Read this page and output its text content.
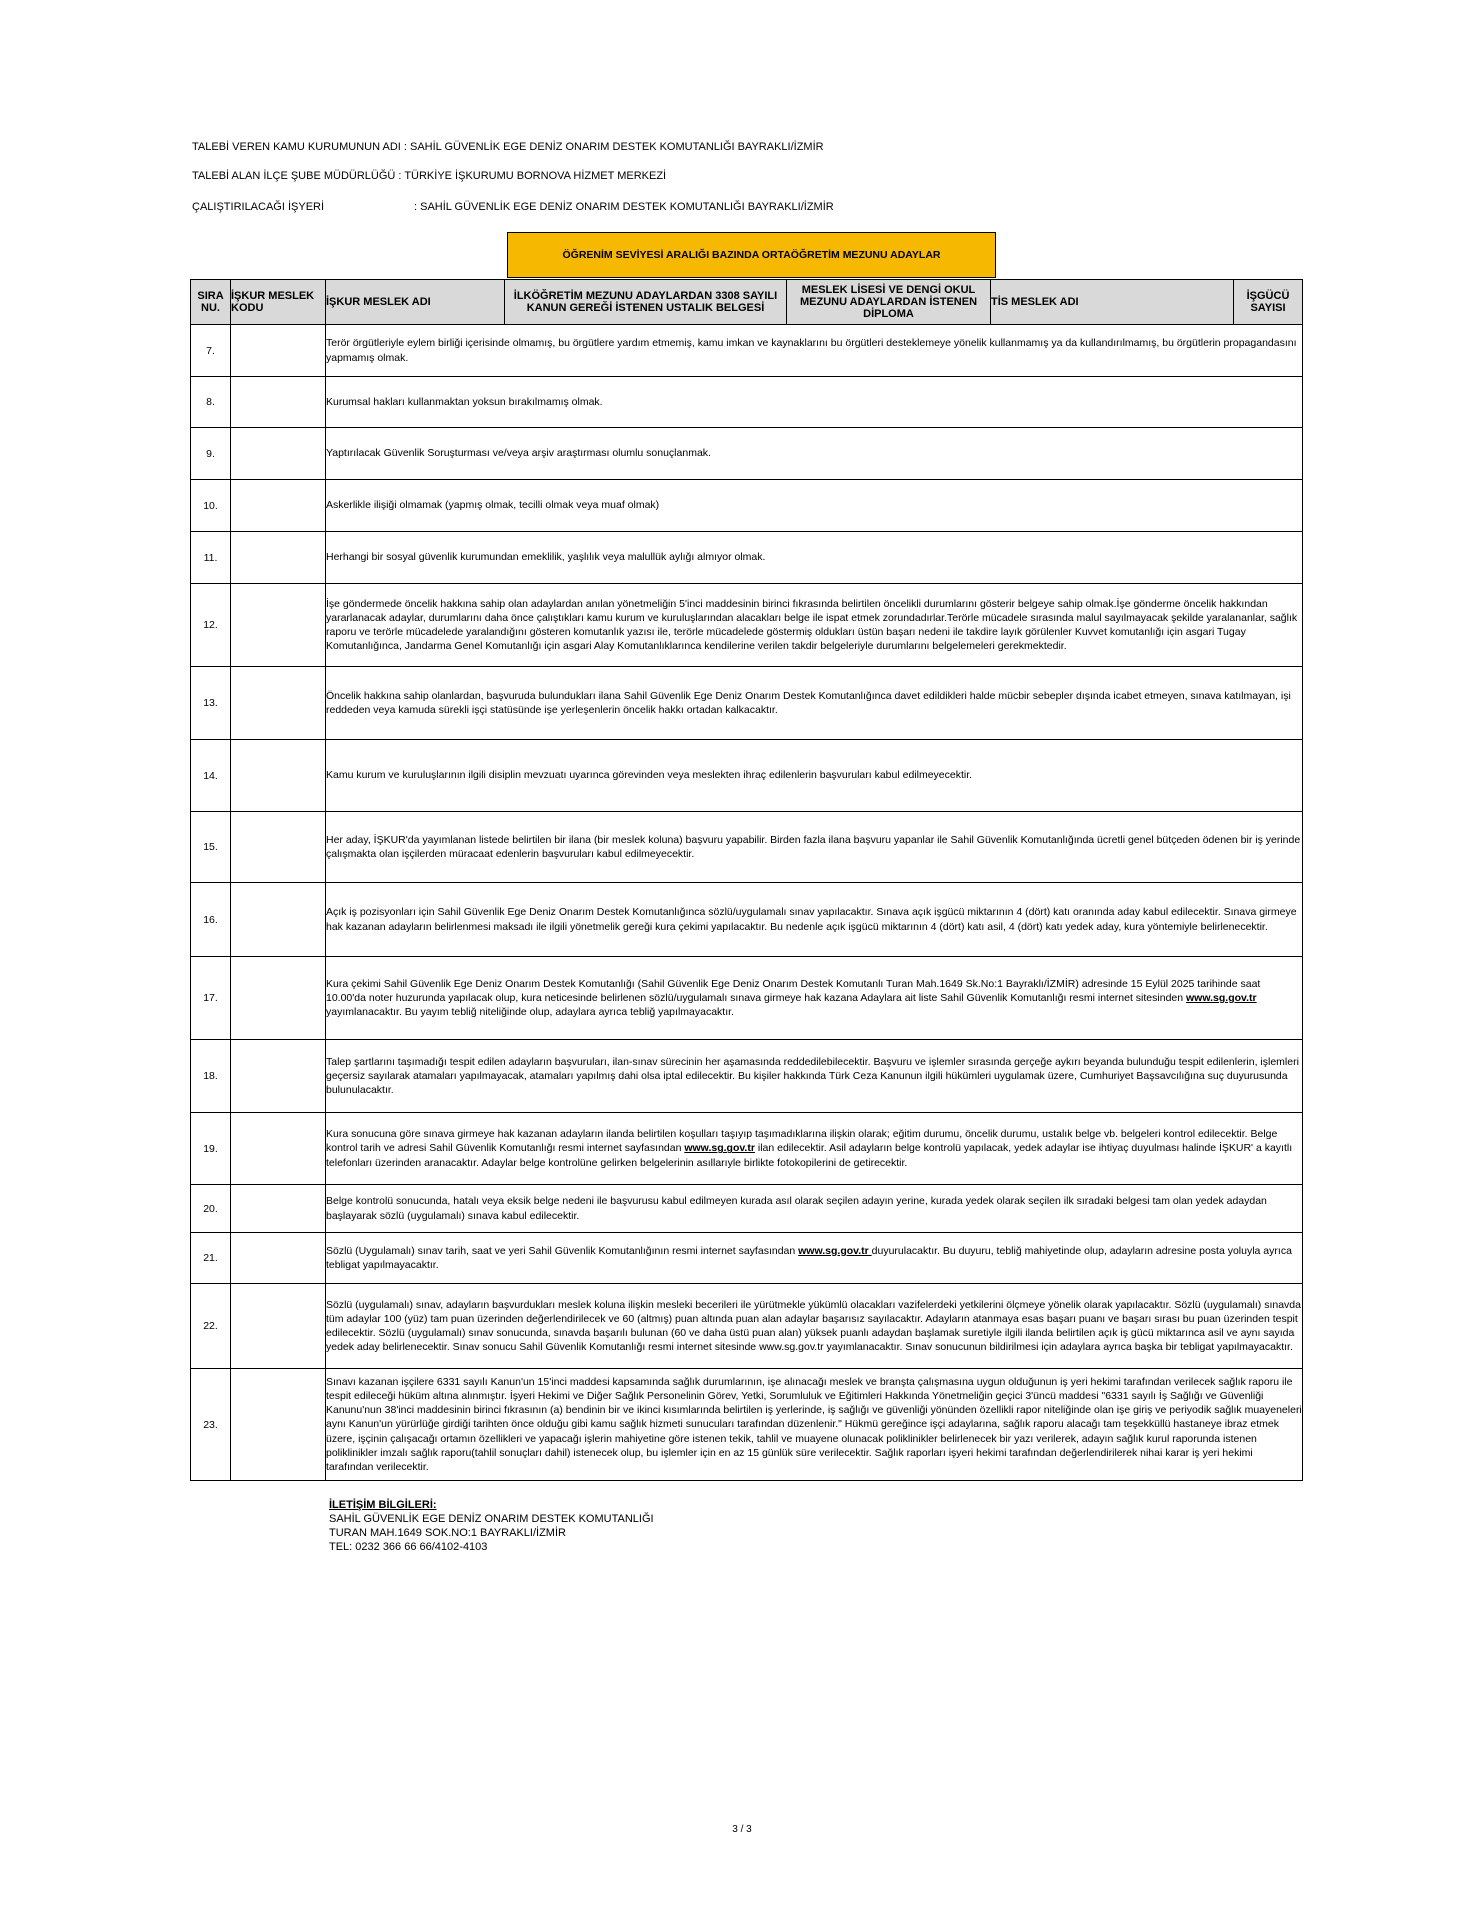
TALEBİ VEREN KAMU KURUMUNUN ADI : SAHİL GÜVENLİK EGE DENİZ ONARIM DESTEK KOMUTANLIĞI BAYRAKLI/İZMİR
TALEBİ ALAN İLÇE ŞUBE MÜDÜRLÜĞÜ : TÜRKİYE İŞKURUMU BORNOVA HİZMET MERKEZİ
ÇALIŞTIRILACAĞI İŞYERİ	: SAHİL GÜVENLİK EGE DENİZ ONARIM DESTEK KOMUTANLIĞI BAYRAKLI/İZMİR
ÖĞRENİM SEVİYESİ ARALIĞI BAZINDA ORTAÖĞRETİM MEZUNU ADAYLAR
SIRA NU.	İŞKUR MESLEK KODU	İŞKUR MESLEK ADI	İLKÖĞRETİM MEZUNU ADAYLARDAN 3308 SAYILI KANUN GEREĞİ İSTENEN USTALIK BELGESİ	MESLEK LİSESİ VE DENGİ OKUL MEZUNU ADAYLARDAN İSTENEN DİPLOMA	TİS MESLEK ADI	İŞGÜCÜ SAYISI
7.		Terör örgütleriyle eylem birliği içerisinde olmamış, bu örgütlere yardım etmemiş, kamu imkan ve kaynaklarını bu örgütleri desteklemeye yönelik kullanmamış ya da kullandırılmamış, bu örgütlerin propagandasını yapmamış olmak.				
8.		Kurumsal hakları kullanmaktan yoksun bırakılmamış olmak.				
9.		Yaptırılacak Güvenlik Soruşturması ve/veya arşiv araştırması olumlu sonuçlanmak.				
10.		Askerlikle ilişiği olmamak (yapmış olmak, tecilli olmak veya muaf olmak)				
11.		Herhangi bir sosyal güvenlik kurumundan emeklilik, yaşlılık veya malullük aylığı almıyor olmak.				
12.		İşe göndermede öncelik hakkına sahip olan adaylardan anılan yönetmeliğin 5'inci maddesinin birinci fıkrasında belirtilen öncelikli durumlarını gösterir belgeye sahip olmak.İşe gönderme öncelik hakkından yararlanacak adaylar, durumlarını daha önce çalıştıkları kamu kurum ve kuruluşlarından alacakları belge ile ispat etmek zorundadırlar.Terörle mücadele sırasında malul sayılmayacak şekilde yaralananlar, sağlık raporu ve terörle mücadelede yaralandığını gösteren komutanlık yazısı ile, terörle mücadelede göstermiş oldukları üstün başarı nedeni ile takdire layık görülenler Kuvvet komutanlığı için asgari Tugay Komutanlığınca, Jandarma Genel Komutanlığı için asgari Alay Komutanlıklarınca kendilerine verilen takdir belgeleriyle durumlarını belgelemeleri gerekmektedir.				
13.		Öncelik hakkına sahip olanlardan, başvuruda bulundukları ilana Sahil Güvenlik Ege Deniz Onarım Destek Komutanlığınca davet edildikleri halde mücbir sebepler dışında icabet etmeyen, sınava katılmayan, işi reddeden veya kamuda sürekli işçi statüsünde işe yerleşenlerin öncelik hakkı ortadan kalkacaktır.				
14.		Kamu kurum ve kuruluşlarının ilgili disiplin mevzuatı uyarınca görevinden veya meslekten ihraç edilenlerin başvuruları kabul edilmeyecektir.				
15.		Her aday, İŞKUR'da yayımlanan listede belirtilen bir ilana (bir meslek koluna) başvuru yapabilir. Birden fazla ilana başvuru yapanlar ile Sahil Güvenlik Komutanlığında ücretli genel bütçeden ödenen bir iş yerinde çalışmakta olan işçilerden müracaat edenlerin başvuruları kabul edilmeyecektir.				
16.		Açık iş pozisyonları için Sahil Güvenlik Ege Deniz Onarım Destek Komutanlığınca sözlü/uygulamalı sınav yapılacaktır. Sınava açık işgücü miktarının 4 (dört) katı oranında aday kabul edilecektir. Sınava girmeye hak kazanan adayların belirlenmesi maksadı ile ilgili yönetmelik gereği kura çekimi yapılacaktır. Bu nedenle açık işgücü miktarının 4 (dört) katı asil, 4 (dört) katı yedek aday, kura yöntemiyle belirlenecektir.				
17.		Kura çekimi Sahil Güvenlik Ege Deniz Onarım Destek Komutanlığı (Sahil Güvenlik Ege Deniz Onarım Destek Komutanlı Turan Mah.1649 Sk.No:1 Bayraklı/İZMİR) adresinde 15 Eylül 2025 tarihinde saat 10.00'da noter huzurunda yapılacak olup, kura neticesinde belirlenen sözlü/uygulamalı sınava girmeye hak kazana Adaylara ait liste Sahil Güvenlik Komutanlığı resmi internet sitesinden www.sg.gov.tr yayımlanacaktır. Bu yayım tebliğ niteliğinde olup, adaylara ayrıca tebliğ yapılmayacaktır.				
18.		Talep şartlarını taşımadığı tespit edilen adayların başvuruları, ilan-sınav sürecinin her aşamasında reddedilebilecektir. Başvuru ve işlemler sırasında gerçeğe aykırı beyanda bulunduğu tespit edilenlerin, işlemleri geçersiz sayılarak atamaları yapılmayacak, atamaları yapılmış dahi olsa iptal edilecektir. Bu kişiler hakkında Türk Ceza Kanunun ilgili hükümleri uygulamak üzere, Cumhuriyet Başsavcılığına suç duyurusunda bulunulacaktır.				
19.		Kura sonucuna göre sınava girmeye hak kazanan adayların ilanda belirtilen koşulları taşıyıp taşımadıklarına ilişkin olarak; eğitim durumu, öncelik durumu, ustalık belge vb. belgeleri kontrol edilecektir. Belge kontrol tarih ve adresi Sahil Güvenlik Komutanlığı resmi internet sayfasından www.sg.gov.tr ilan edilecektir. Asil adayların belge kontrolü yapılacak, yedek adaylar ise ihtiyaç duyulması halinde İŞKUR' a kayıtlı telefonları üzerinden aranacaktır. Adaylar belge kontrolüne gelirken belgelerinin asıllarıyle birlikte fotokopilerini de getirecektir.				
20.		Belge kontrolü sonucunda, hatalı veya eksik belge nedeni ile başvurusu kabul edilmeyen kurada asıl olarak seçilen adayın yerine, kurada yedek olarak seçilen ilk sıradaki belgesi tam olan yedek adaydan başlayarak sözlü (uygulamalı) sınava kabul edilecektir.				
21.		Sözlü (Uygulamalı) sınav tarih, saat ve yeri Sahil Güvenlik Komutanlığının resmi internet sayfasından www.sg.gov.tr duyurulacaktır. Bu duyuru, tebliğ mahiyetinde olup, adayların adresine posta yoluyla ayrıca tebligat yapılmayacaktır.				
22.		Sözlü (uygulamalı) sınav, adayların başvurdukları meslek koluna ilişkin mesleki becerileri ile yürütmekle yükümlü olacakları vazifelerdeki yetkilerini ölçmeye yönelik olarak yapılacaktır. Sözlü (uygulamalı) sınavda tüm adaylar 100 (yüz) tam puan üzerinden değerlendirilecek ve 60 (altmış) puan altında puan alan adaylar başarısız sayılacaktır. Adayların atanmaya esas başarı puanı ve başarı sırası bu puan üzerinden tespit edilecektir. Sözlü (uygulamalı) sınav sonucunda, sınavda başarılı bulunan (60 ve daha üstü puan alan) yüksek puanlı adaydan başlamak suretiyle ilgili ilanda belirtilen açık iş gücü miktarınca asil ve aynı sayıda yedek aday belirlenecektir. Sınav sonucu Sahil Güvenlik Komutanlığı resmi internet sitesinde www.sg.gov.tr yayımlanacaktır. Sınav sonucunun bildirilmesi için adaylara ayrıca başka bir tebligat yapılmayacaktır.				
23.		Sınavı kazanan işçilere 6331 sayılı Kanun'un 15'inci maddesi kapsamında sağlık durumlarının, işe alınacağı meslek ve branşta çalışmasına uygun olduğunun iş yeri hekimi tarafından verilecek sağlık raporu ile tespit edileceği hüküm altına alınmıştır. İşyeri Hekimi ve Diğer Sağlık Personelinin Görev, Yetki, Sorumluluk ve Eğitimleri Hakkında Yönetmeliğin geçici 3'üncü maddesi "6331 sayılı İş Sağlığı ve Güvenliği Kanunu'nun 38'inci maddesinin birinci fıkrasının (a) bendinin bir ve ikinci kısımlarında belirtilen iş yerlerinde, iş sağlığı ve güvenliği yönünden özellikli rapor niteliğinde olan işe giriş ve periyodik sağlık muayeneleri aynı Kanun'un yürürlüğe girdiği tarihten önce olduğu gibi kamu sağlık hizmeti sunucuları tarafından düzenlenir." Hükmü gereğince işçi adaylarına, sağlık raporu alacağı tam teşekküllü hastaneye ibraz etmek üzere, işçinin çalışacağı ortamın özellikleri ve yapacağı işlerin mahiyetine göre istenen tekik, tahlil ve muayene olunacak poliklinikler belirlenecek bir yazı verilerek, adayın sağlık kurul raporunda istenen poliklinikler imzalı sağlık raporu(tahlil sonuçları dahil) istenecek olup, bu işlemler için en az 15 günlük süre verilecektir. Sağlık raporları işyeri hekimi tarafından değerlendirilerek nihai karar iş yeri hekimi tarafından verilecektir.				
İLETİŞİM BİLGİLERİ:
SAHİL GÜVENLİK EGE DENİZ ONARIM DESTEK KOMUTANLIĞI
TURAN MAH.1649 SOK.NO:1 BAYRAKLI/İZMİR
TEL: 0232 366 66 66/4102-4103
3 / 3
